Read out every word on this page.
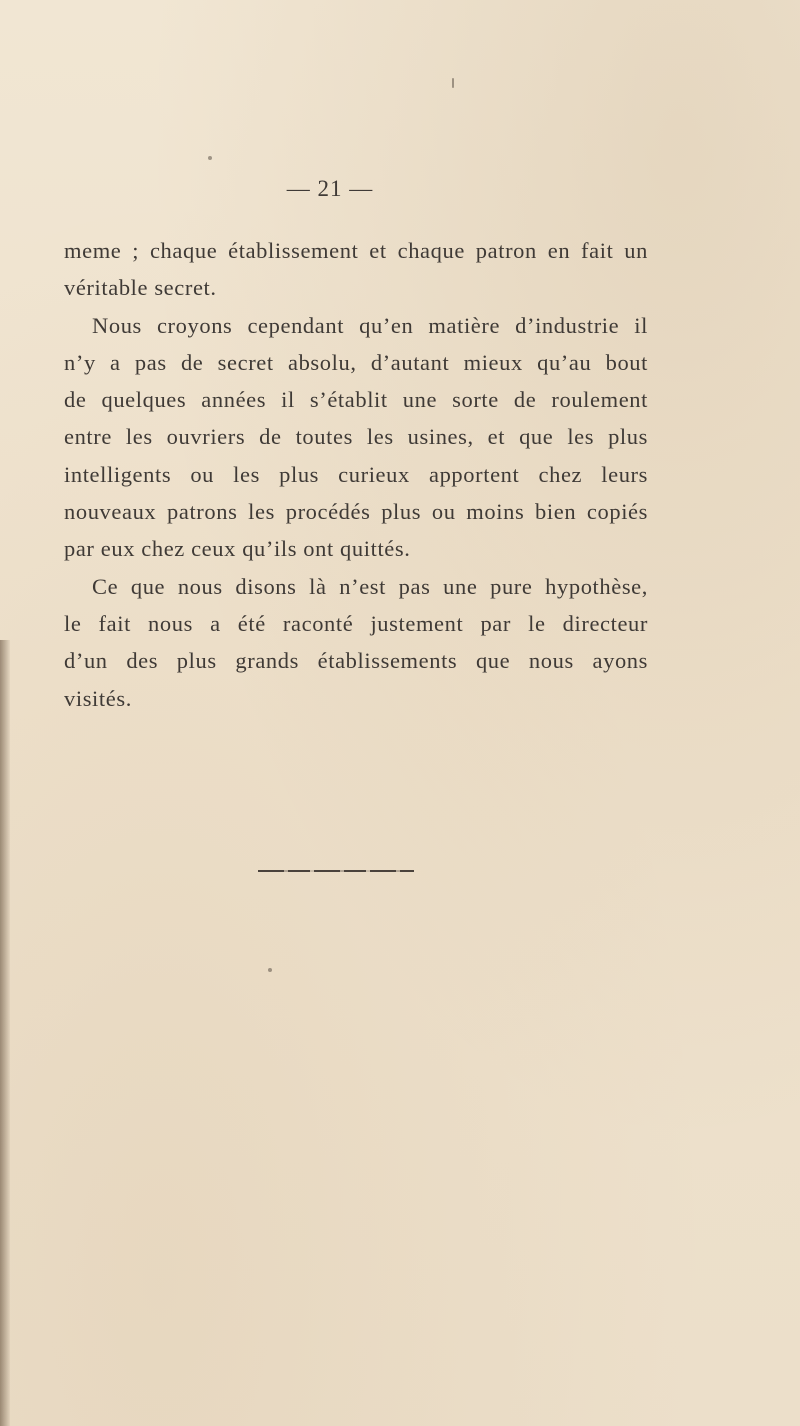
— 21 —
meme ; chaque établissement et chaque patron en fait un
véritable secret.
Nous croyons cependant qu’en matière d’industrie il
n’y a pas de secret absolu, d’autant mieux qu’au bout
de quelques années il s’établit une sorte de roulement
entre les ouvriers de toutes les usines, et que les plus
intelligents ou les plus curieux apportent chez leurs
nouveaux patrons les procédés plus ou moins bien copiés
par eux chez ceux qu’ils ont quittés.
Ce que nous disons là n’est pas une pure hypothèse,
le fait nous a été raconté justement par le directeur
d’un des plus grands établissements que nous ayons
visités.
